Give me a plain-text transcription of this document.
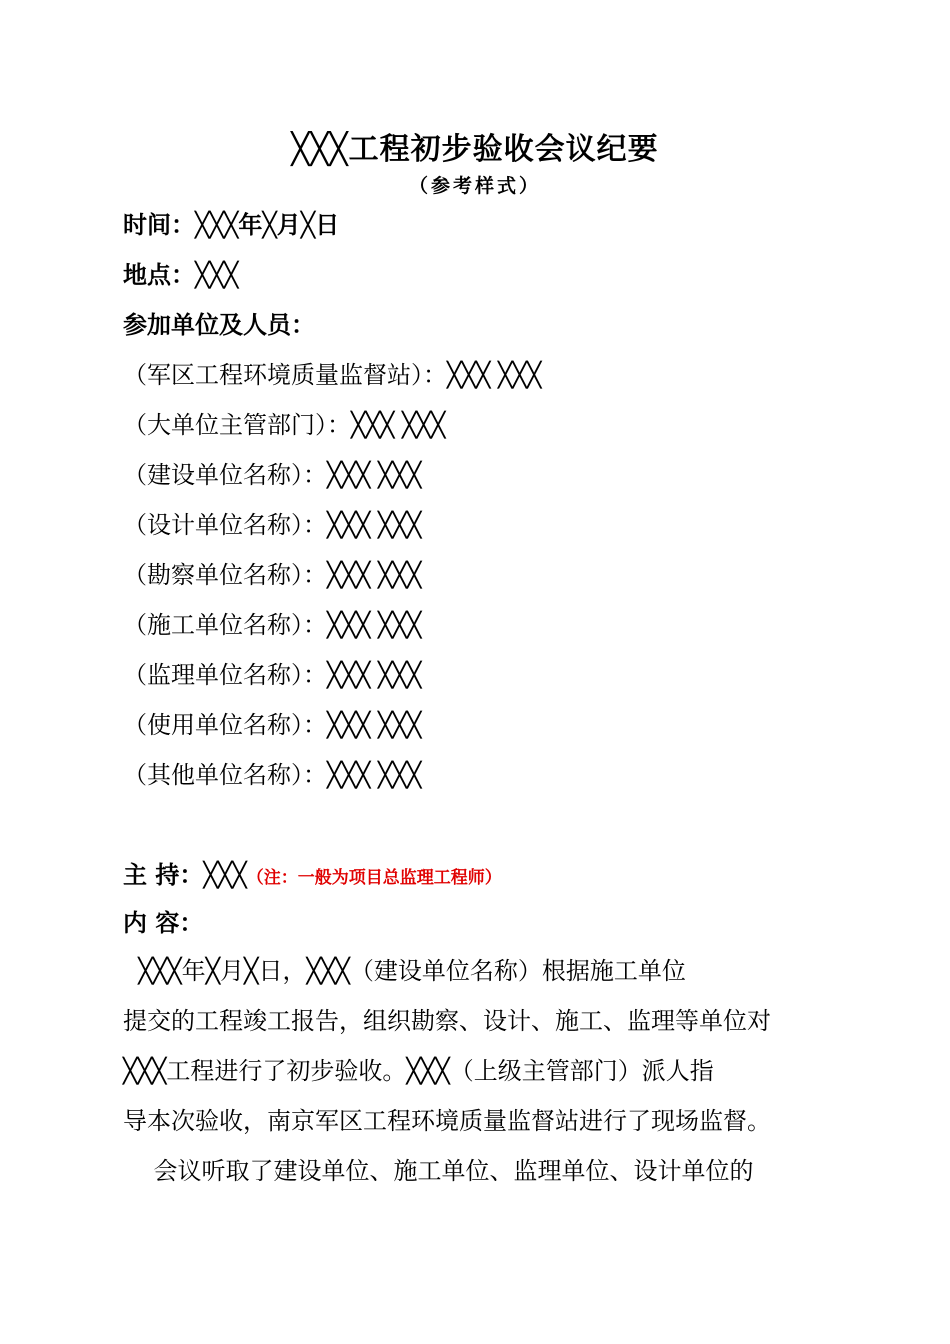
╳╳╳工程初步验收会议纪要
（参考样式）
时间：╳╳╳年╳月╳日
地点：╳╳╳
参加单位及人员：
（军区工程环境质量监督站）：╳╳╳ ╳╳╳
（大单位主管部门）：╳╳╳ ╳╳╳
（建设单位名称）：╳╳╳ ╳╳╳
（设计单位名称）：╳╳╳ ╳╳╳
（勘察单位名称）：╳╳╳ ╳╳╳
（施工单位名称）：╳╳╳ ╳╳╳
（监理单位名称）：╳╳╳ ╳╳╳
（使用单位名称）：╳╳╳ ╳╳╳
（其他单位名称）：╳╳╳ ╳╳╳
主 持：╳╳╳（注：一般为项目总监理工程师）
内 容：
╳╳╳年╳月╳日，╳╳╳（建设单位名称）根据施工单位
提交的工程竣工报告，组织勘察、设计、施工、监理等单位对
╳╳╳工程进行了初步验收。╳╳╳（上级主管部门）派人指
导本次验收，南京军区工程环境质量监督站进行了现场监督。
会议听取了建设单位、施工单位、监理单位、设计单位的
